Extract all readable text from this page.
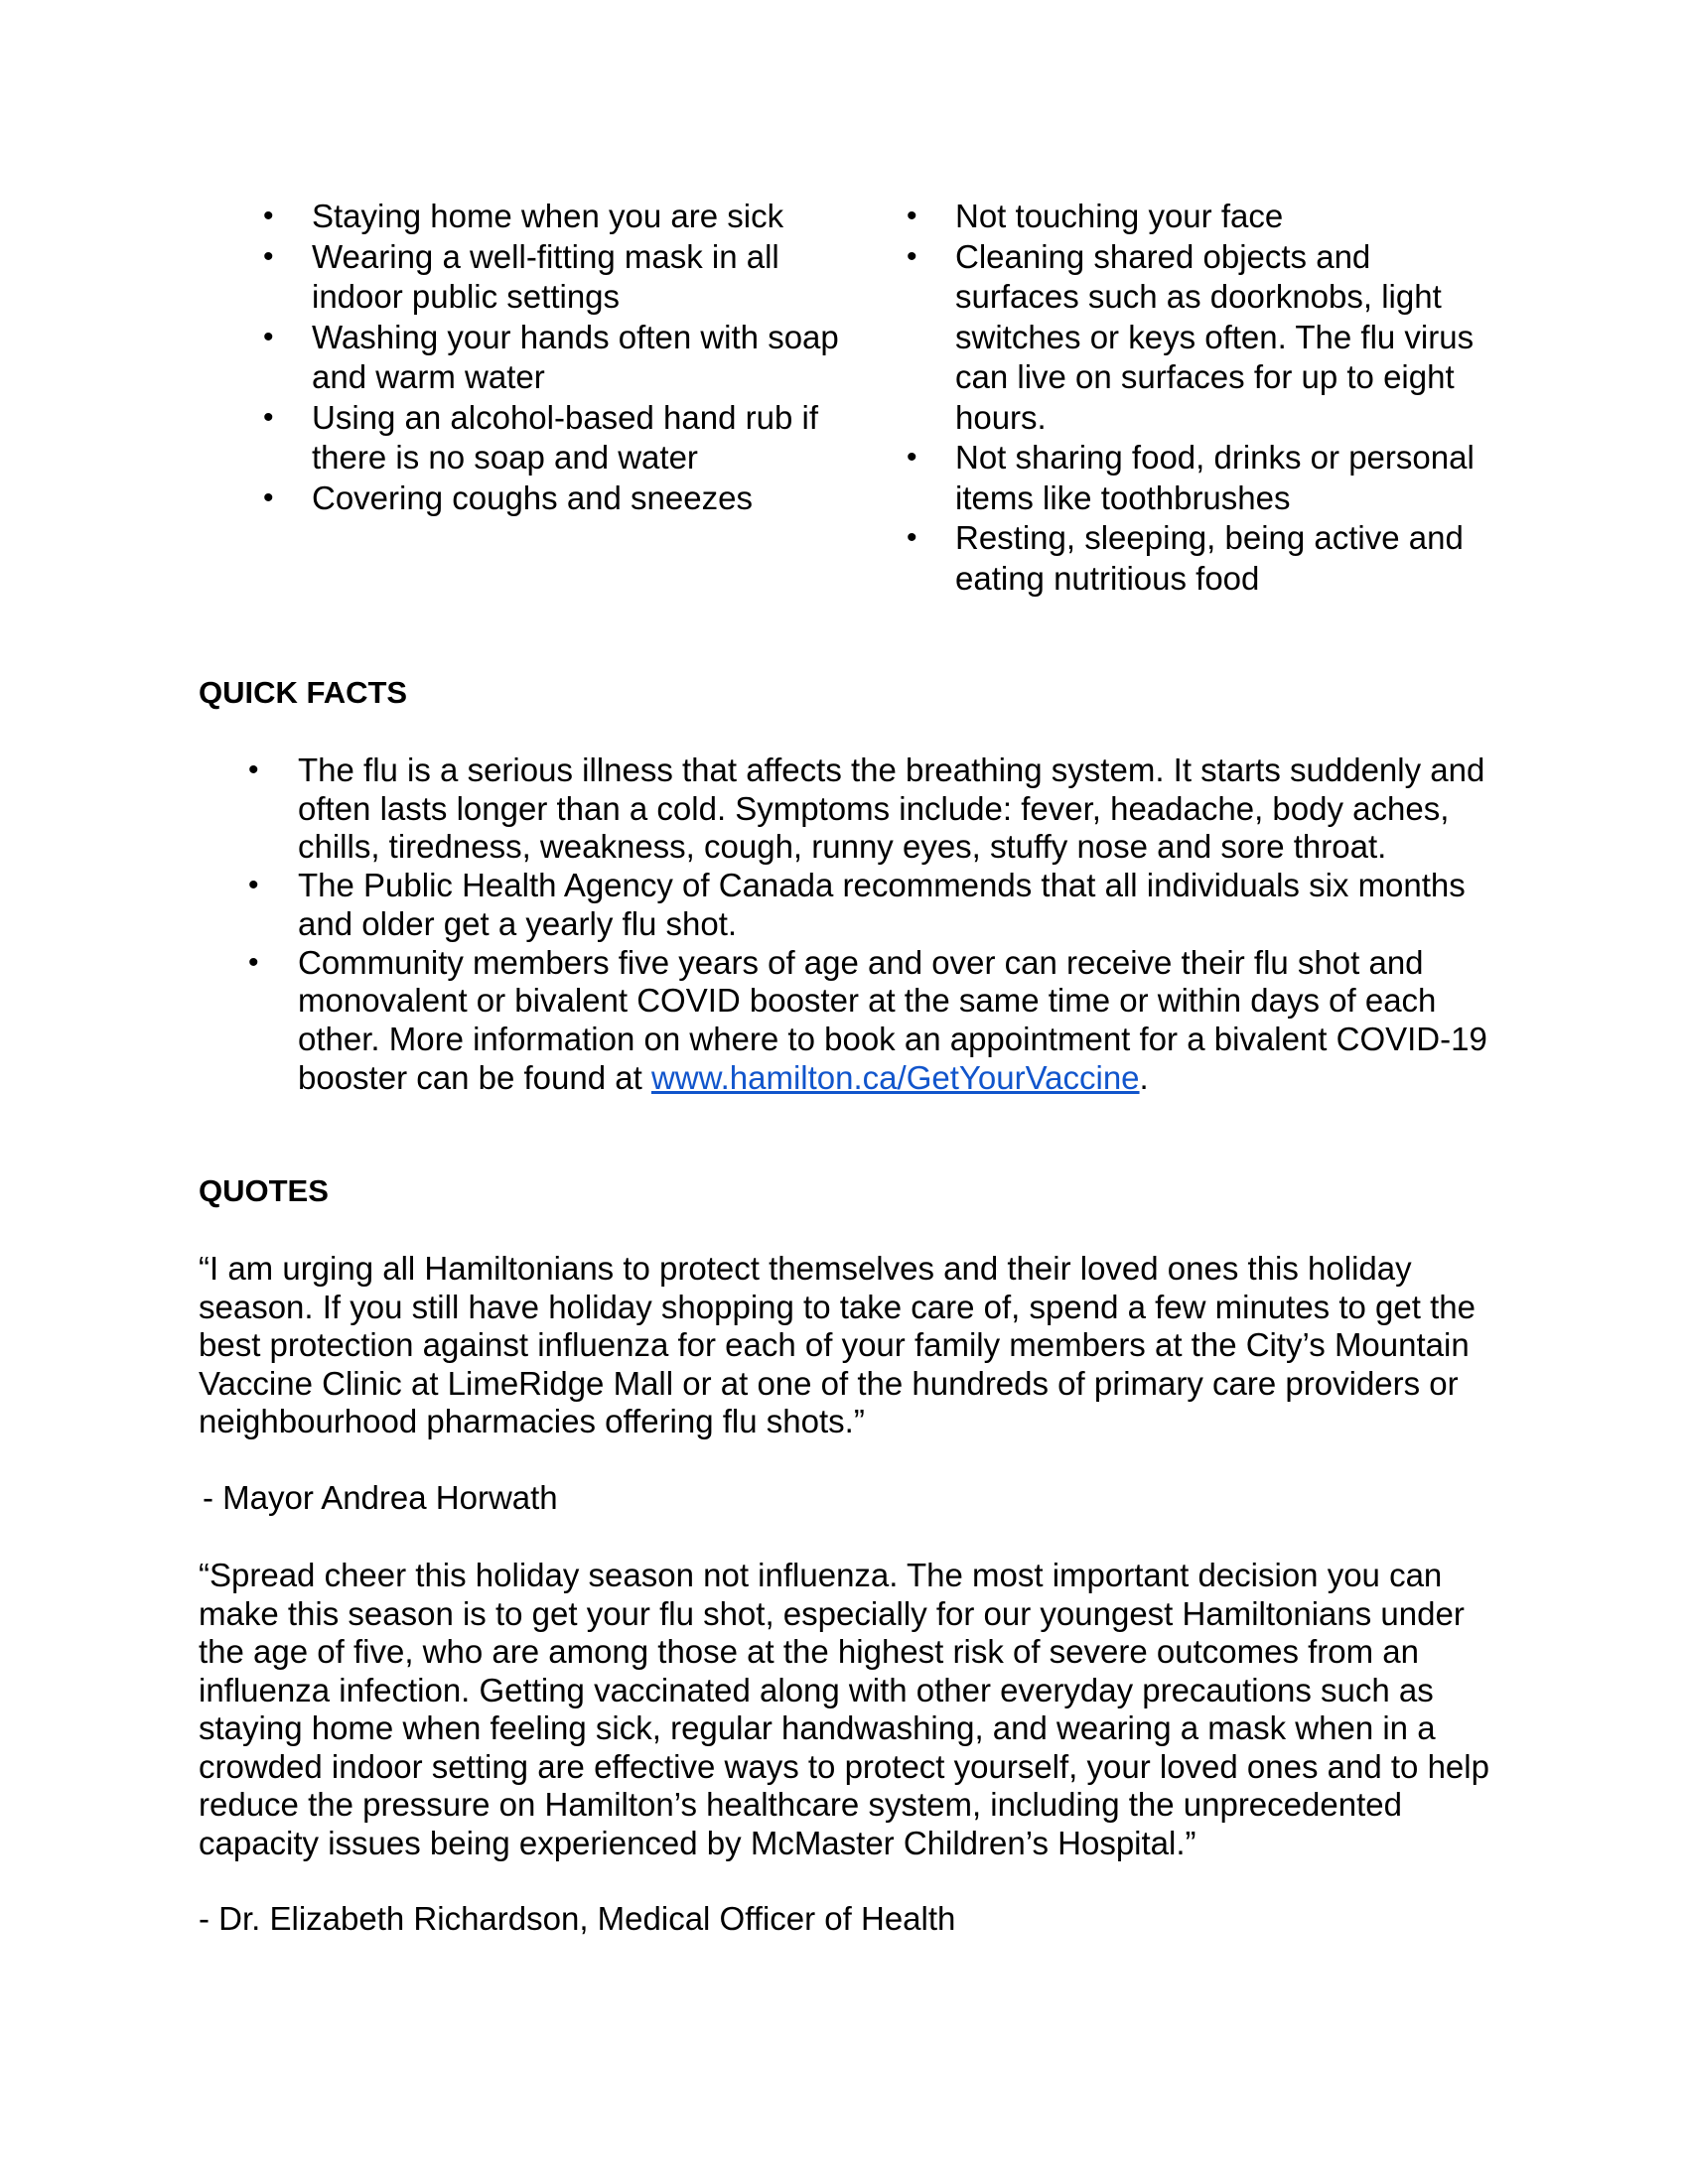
• Staying home when you are sick
• Wearing a well-fitting mask in all indoor public settings
• Washing your hands often with soap and warm water
• Using an alcohol-based hand rub if there is no soap and water
• Covering coughs and sneezes
• Not touching your face
• Cleaning shared objects and surfaces such as doorknobs, light switches or keys often. The flu virus can live on surfaces for up to eight hours.
• Not sharing food, drinks or personal items like toothbrushes
• Resting, sleeping, being active and eating nutritious food
QUICK FACTS
• The flu is a serious illness that affects the breathing system. It starts suddenly and often lasts longer than a cold. Symptoms include: fever, headache, body aches, chills, tiredness, weakness, cough, runny eyes, stuffy nose and sore throat.
• The Public Health Agency of Canada recommends that all individuals six months and older get a yearly flu shot.
• Community members five years of age and over can receive their flu shot and monovalent or bivalent COVID booster at the same time or within days of each other. More information on where to book an appointment for a bivalent COVID-19 booster can be found at www.hamilton.ca/GetYourVaccine.
QUOTES

“I am urging all Hamiltonians to protect themselves and their loved ones this holiday season. If you still have holiday shopping to take care of, spend a few minutes to get the best protection against influenza for each of your family members at the City’s Mountain Vaccine Clinic at LimeRidge Mall or at one of the hundreds of primary care providers or neighbourhood pharmacies offering flu shots.”

- Mayor Andrea Horwath

“Spread cheer this holiday season not influenza. The most important decision you can make this season is to get your flu shot, especially for our youngest Hamiltonians under the age of five, who are among those at the highest risk of severe outcomes from an influenza infection. Getting vaccinated along with other everyday precautions such as staying home when feeling sick, regular handwashing, and wearing a mask when in a crowded indoor setting are effective ways to protect yourself, your loved ones and to help reduce the pressure on Hamilton’s healthcare system, including the unprecedented capacity issues being experienced by McMaster Children’s Hospital.”

- Dr. Elizabeth Richardson, Medical Officer of Health
